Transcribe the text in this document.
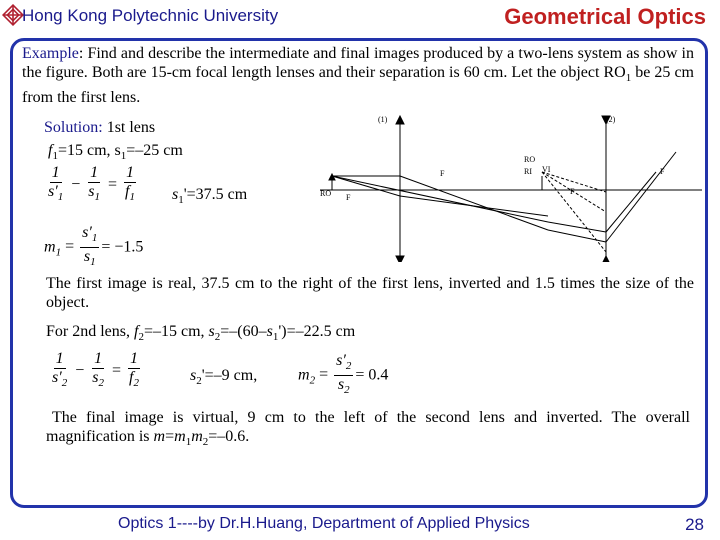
Hong Kong Polytechnic University	Geometrical Optics
Example: Find and describe the intermediate and final images produced by a two-lens system as show in the figure. Both are 15-cm focal length lenses and their separation is 60 cm. Let the object $RO_1$ be 25 cm from the first lens.
Solution: 1st lens
$f_1=15$ cm, $s_1=-25$ cm
$\frac{1}{s'_1} - \frac{1}{s_1} = \frac{1}{f_1} s_1'=37.5$ cm
$m_1 = \frac{s'_1}{s_1} = -1.5$
(1)	(2)
RO
RI VI
F
F
F
F
RO
The first image is real, 37.5 cm to the right of the first lens, inverted and 1.5 times the size of the object.
For 2nd lens, $f_2=-15$ cm, $s_2=-(60-s_1')=-22.5$ cm
$\frac{1}{s'_2} - \frac{1}{s_2} = \frac{1}{f_2}$	$s_2'=-9$ cm,	$m_2 = \frac{s'_2}{s_2} = 0.4$
The final image is virtual, 9 cm to the left of the second lens and inverted. The overall magnification is $m=m_1m_2=-0.6$.
Optics 1----by Dr.H.Huang, Department of Applied Physics	28
